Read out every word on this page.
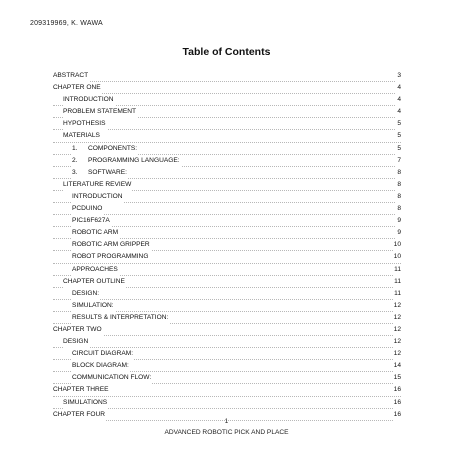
209319969, K. WAWA
Table of Contents
ABSTRACT	3
CHAPTER ONE	4
INTRODUCTION	4
PROBLEM STATEMENT	4
HYPOTHESIS	5
MATERIALS	5
1. COMPONENTS:	5
2. PROGRAMMING LANGUAGE:	7
3. SOFTWARE:	8
LITERATURE REVIEW	8
INTRODUCTION	8
PCDUINO	8
PIC16F627A	9
ROBOTIC ARM	9
ROBOTIC ARM GRIPPER	10
ROBOT PROGRAMMING	10
APPROACHES	11
CHAPTER OUTLINE	11
DESIGN:	11
SIMULATION:	12
RESULTS & INTERPRETATION:	12
CHAPTER TWO	12
DESIGN	12
CIRCUIT DIAGRAM:	12
BLOCK DIAGRAM:	14
COMMUNICATION FLOW:	15
CHAPTER THREE	16
SIMULATIONS	16
CHAPTER FOUR	16
1
ADVANCED ROBOTIC PICK AND PLACE
